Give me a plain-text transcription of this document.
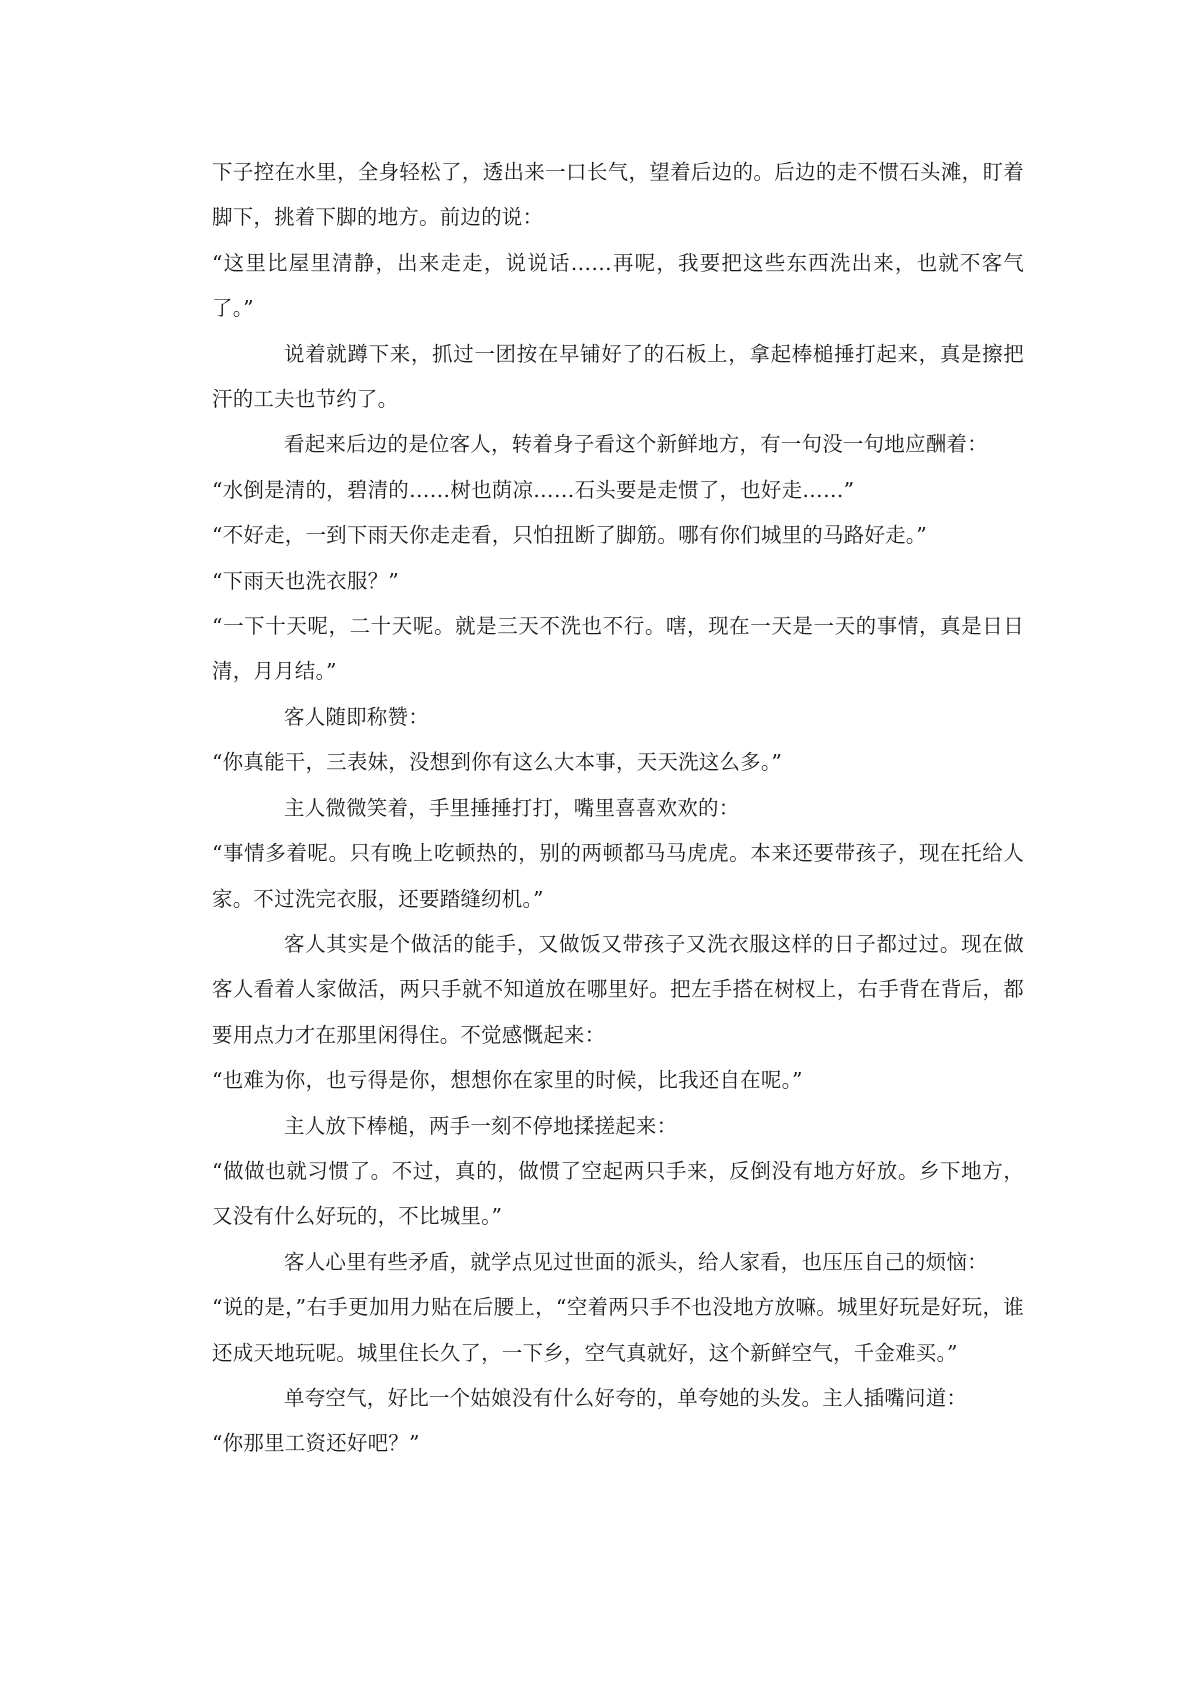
下子控在水里，全身轻松了，透出来一口长气，望着后边的。后边的走不惯石头滩，盯着脚下，挑着下脚的地方。前边的说：

“这里比屋里清静，出来走走，说说话……再呢，我要把这些东西洗出来，也就不客气了。”

说着就蹲下来，抓过一团按在早铺好了的石板上，拿起棒槌捶打起来，真是擦把汗的工夫也节约了。

看起来后边的是位客人，转着身子看这个新鲜地方，有一句没一句地应酬着：

“水倒是清的，碧清的……树也荫凉……石头要是走惯了，也好走……”

“不好走，一到下雨天你走走看，只怕扭断了脚筋。哪有你们城里的马路好走。”

“下雨天也洗衣服？”

“一下十天呢，二十天呢。就是三天不洗也不行。嗐，现在一天是一天的事情，真是日日清，月月结。”

客人随即称赞：

“你真能干，三表妹，没想到你有这么大本事，天天洗这么多。”

主人微微笑着，手里捶捶打打，嘴里喜喜欢欢的：

“事情多着呢。只有晚上吃顿热的，别的两顿都马马虎虎。本来还要带孩子，现在托给人家。不过洗完衣服，还要踏缝纫机。”

客人其实是个做活的能手，又做饭又带孩子又洗衣服这样的日子都过过。现在做客人看着人家做活，两只手就不知道放在哪里好。把左手搭在树杈上，右手背在背后，都要用点力才在那里闲得住。不觉感慨起来：

“也难为你，也亏得是你，想想你在家里的时候，比我还自在呢。”

主人放下棒槌，两手一刻不停地揉搓起来：

“做做也就习惯了。不过，真的，做惯了空起两只手来，反倒没有地方好放。乡下地方，又没有什么好玩的，不比城里。”

客人心里有些矛盾，就学点见过世面的派头，给人家看，也压压自己的烦恼：

“说的是，”右手更加用力贴在后腰上，“空着两只手不也没地方放嘛。城里好玩是好玩，谁还成天地玩呢。城里住长久了，一下乡，空气真就好，这个新鲜空气，千金难买。”

单夸空气，好比一个姑娘没有什么好夸的，单夸她的头发。主人插嘴问道：

“你那里工资还好吧？”
